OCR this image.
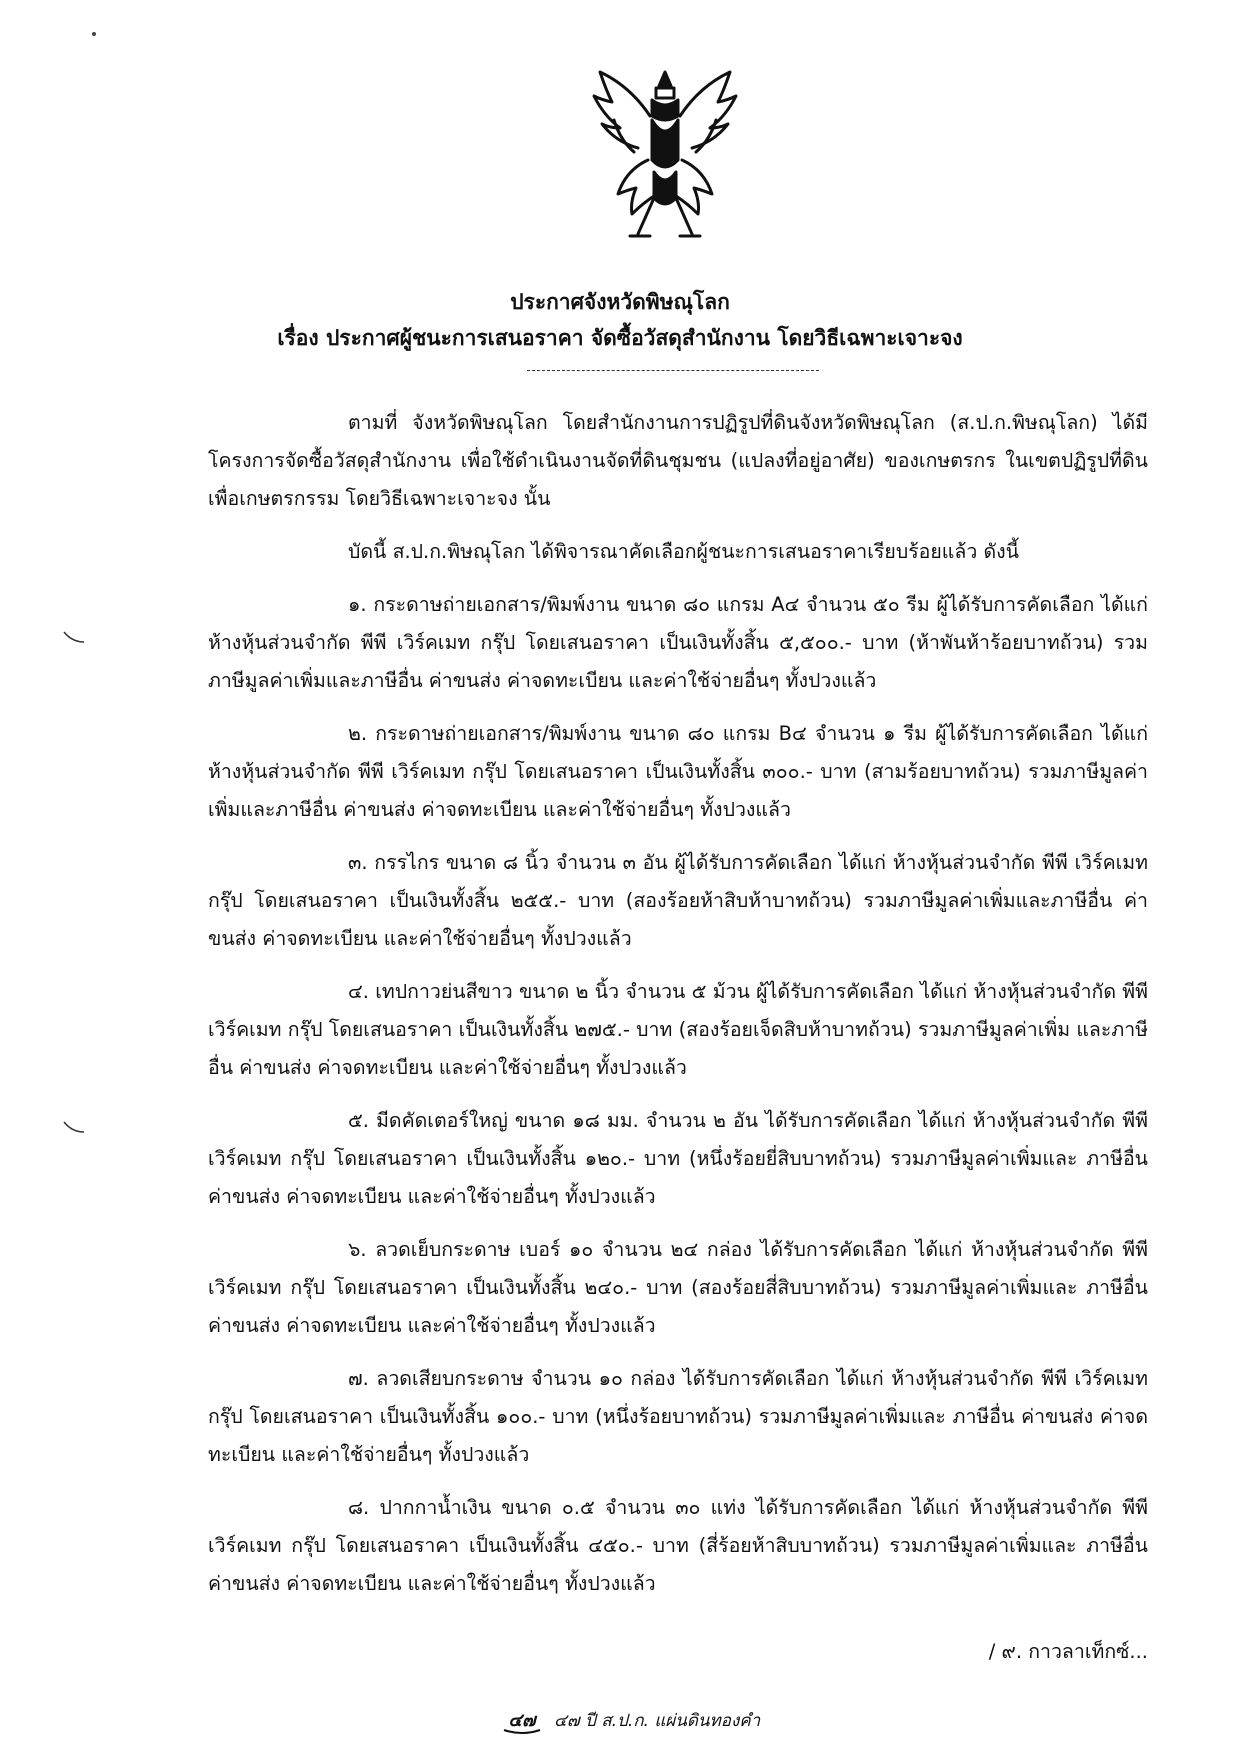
ประกาศจังหวัดพิษณุโลก
เรื่อง ประกาศผู้ชนะการเสนอราคา จัดซื้อวัสดุสำนักงาน โดยวิธีเฉพาะเจาะจง

ตามที่ จังหวัดพิษณุโลก โดยสำนักงานการปฏิรูปที่ดินจังหวัดพิษณุโลก (ส.ป.ก.พิษณุโลก) ได้มีโครงการจัดซื้อวัสดุสำนักงาน เพื่อใช้ดำเนินงานจัดที่ดินชุมชน (แปลงที่อยู่อาศัย) ของเกษตรกร ในเขตปฏิรูปที่ดินเพื่อเกษตรกรรม โดยวิธีเฉพาะเจาะจง นั้น

บัดนี้ ส.ป.ก.พิษณุโลก ได้พิจารณาคัดเลือกผู้ชนะการเสนอราคาเรียบร้อยแล้ว ดังนี้

๑. กระดาษถ่ายเอกสาร/พิมพ์งาน ขนาด ๘๐ แกรม A๔ จำนวน ๕๐ รีม ผู้ได้รับการคัดเลือก ได้แก่ ห้างหุ้นส่วนจำกัด พีพี เวิร์คเมท กรุ๊ป โดยเสนอราคา เป็นเงินทั้งสิ้น ๕,๕๐๐.- บาท (ห้าพันห้าร้อยบาทถ้วน) รวมภาษีมูลค่าเพิ่มและภาษีอื่น ค่าขนส่ง ค่าจดทะเบียน และค่าใช้จ่ายอื่นๆ ทั้งปวงแล้ว

๒. กระดาษถ่ายเอกสาร/พิมพ์งาน ขนาด ๘๐ แกรม B๔ จำนวน ๑ รีม ผู้ได้รับการคัดเลือก ได้แก่ ห้างหุ้นส่วนจำกัด พีพี เวิร์คเมท กรุ๊ป โดยเสนอราคา เป็นเงินทั้งสิ้น ๓๐๐.- บาท (สามร้อยบาทถ้วน) รวมภาษีมูลค่าเพิ่มและภาษีอื่น ค่าขนส่ง ค่าจดทะเบียน และค่าใช้จ่ายอื่นๆ ทั้งปวงแล้ว

๓. กรรไกร ขนาด ๘ นิ้ว จำนวน ๓ อัน ผู้ได้รับการคัดเลือก ได้แก่ ห้างหุ้นส่วนจำกัด พีพี เวิร์คเมท กรุ๊ป โดยเสนอราคา เป็นเงินทั้งสิ้น ๒๕๕.- บาท (สองร้อยห้าสิบห้าบาทถ้วน) รวมภาษีมูลค่าเพิ่มและภาษีอื่น ค่าขนส่ง ค่าจดทะเบียน และค่าใช้จ่ายอื่นๆ ทั้งปวงแล้ว

๔. เทปกาวย่นสีขาว ขนาด ๒ นิ้ว จำนวน ๕ ม้วน ผู้ได้รับการคัดเลือก ได้แก่ ห้างหุ้นส่วนจำกัด พีพี เวิร์คเมท กรุ๊ป โดยเสนอราคา เป็นเงินทั้งสิ้น ๒๗๕.- บาท (สองร้อยเจ็ดสิบห้าบาทถ้วน) รวมภาษีมูลค่าเพิ่ม และภาษีอื่น ค่าขนส่ง ค่าจดทะเบียน และค่าใช้จ่ายอื่นๆ ทั้งปวงแล้ว

๕. มีดคัดเตอร์ใหญ่ ขนาด ๑๘ มม. จำนวน ๒ อัน ได้รับการคัดเลือก ได้แก่ ห้างหุ้นส่วนจำกัด พีพี เวิร์คเมท กรุ๊ป โดยเสนอราคา เป็นเงินทั้งสิ้น ๑๒๐.- บาท (หนึ่งร้อยยี่สิบบาทถ้วน) รวมภาษีมูลค่าเพิ่มและ ภาษีอื่น ค่าขนส่ง ค่าจดทะเบียน และค่าใช้จ่ายอื่นๆ ทั้งปวงแล้ว

๖. ลวดเย็บกระดาษ เบอร์ ๑๐ จำนวน ๒๔ กล่อง ได้รับการคัดเลือก ได้แก่ ห้างหุ้นส่วนจำกัด พีพี เวิร์คเมท กรุ๊ป โดยเสนอราคา เป็นเงินทั้งสิ้น ๒๔๐.- บาท (สองร้อยสี่สิบบาทถ้วน) รวมภาษีมูลค่าเพิ่มและ ภาษีอื่น ค่าขนส่ง ค่าจดทะเบียน และค่าใช้จ่ายอื่นๆ ทั้งปวงแล้ว

๗. ลวดเสียบกระดาษ จำนวน ๑๐ กล่อง ได้รับการคัดเลือก ได้แก่ ห้างหุ้นส่วนจำกัด พีพี เวิร์คเมท กรุ๊ป โดยเสนอราคา เป็นเงินทั้งสิ้น ๑๐๐.- บาท (หนึ่งร้อยบาทถ้วน) รวมภาษีมูลค่าเพิ่มและ ภาษีอื่น ค่าขนส่ง ค่าจดทะเบียน และค่าใช้จ่ายอื่นๆ ทั้งปวงแล้ว

๘. ปากกาน้ำเงิน ขนาด ๐.๕ จำนวน ๓๐ แท่ง ได้รับการคัดเลือก ได้แก่ ห้างหุ้นส่วนจำกัด พีพี เวิร์คเมท กรุ๊ป โดยเสนอราคา เป็นเงินทั้งสิ้น ๔๕๐.- บาท (สี่ร้อยห้าสิบบาทถ้วน) รวมภาษีมูลค่าเพิ่มและ ภาษีอื่น ค่าขนส่ง ค่าจดทะเบียน และค่าใช้จ่ายอื่นๆ ทั้งปวงแล้ว

/ ๙. กาวลาเท็กซ์...
๔๗ ๔๗ ปี ส.ป.ก. แผ่นดินทองคำ
